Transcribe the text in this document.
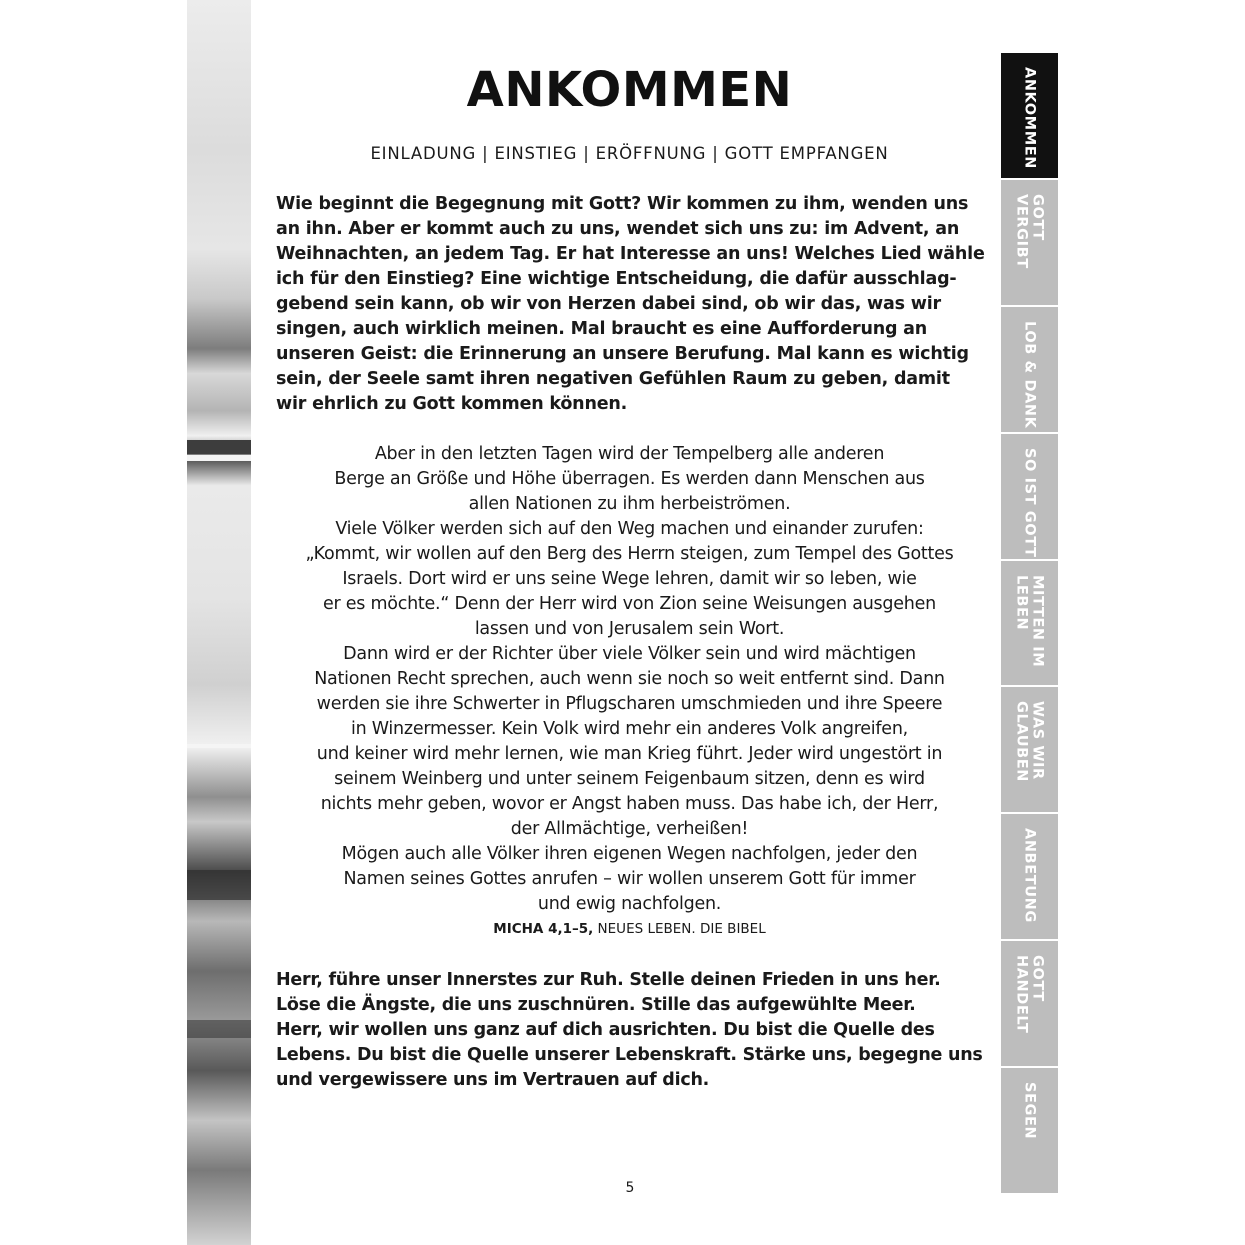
ANKOMMEN
EINLADUNG | EINSTIEG | ERÖFFNUNG | GOTT EMPFANGEN
Wie beginnt die Begegnung mit Gott? Wir kommen zu ihm, wenden uns
an ihn. Aber er kommt auch zu uns, wendet sich uns zu: im Advent, an
Weihnachten, an jedem Tag. Er hat Interesse an uns! Welches Lied wähle
ich für den Einstieg? Eine wichtige Entscheidung, die dafür ausschlag-
gebend sein kann, ob wir von Herzen dabei sind, ob wir das, was wir
singen, auch wirklich meinen. Mal braucht es eine Aufforderung an
unseren Geist: die Erinnerung an unsere Berufung. Mal kann es wichtig
sein, der Seele samt ihren negativen Gefühlen Raum zu geben, damit
wir ehrlich zu Gott kommen können.
Aber in den letzten Tagen wird der Tempelberg alle anderen
Berge an Größe und Höhe überragen. Es werden dann Menschen aus
allen Nationen zu ihm herbeiströmen.
Viele Völker werden sich auf den Weg machen und einander zurufen:
„Kommt, wir wollen auf den Berg des Herrn steigen, zum Tempel des Gottes
Israels. Dort wird er uns seine Wege lehren, damit wir so leben, wie
er es möchte.“ Denn der Herr wird von Zion seine Weisungen ausgehen
lassen und von Jerusalem sein Wort.
Dann wird er der Richter über viele Völker sein und wird mächtigen
Nationen Recht sprechen, auch wenn sie noch so weit entfernt sind. Dann
werden sie ihre Schwerter in Pflugscharen umschmieden und ihre Speere
in Winzermesser. Kein Volk wird mehr ein anderes Volk angreifen,
und keiner wird mehr lernen, wie man Krieg führt. Jeder wird ungestört in
seinem Weinberg und unter seinem Feigenbaum sitzen, denn es wird
nichts mehr geben, wovor er Angst haben muss. Das habe ich, der Herr,
der Allmächtige, verheißen!
Mögen auch alle Völker ihren eigenen Wegen nachfolgen, jeder den
Namen seines Gottes anrufen – wir wollen unserem Gott für immer
und ewig nachfolgen.
MICHA 4,1–5, NEUES LEBEN. DIE BIBEL
Herr, führe unser Innerstes zur Ruh. Stelle deinen Frieden in uns her.
Löse die Ängste, die uns zuschnüren. Stille das aufgewühlte Meer.
Herr, wir wollen uns ganz auf dich ausrichten. Du bist die Quelle des
Lebens. Du bist die Quelle unserer Lebenskraft. Stärke uns, begegne uns
und vergewissere uns im Vertrauen auf dich.
5
ANKOMMEN
GOTT
VERGIBT
LOB & DANK
SO IST GOTT
MITTEN IM
LEBEN
WAS WIR
GLAUBEN
ANBETUNG
GOTT
HANDELT
SEGEN
